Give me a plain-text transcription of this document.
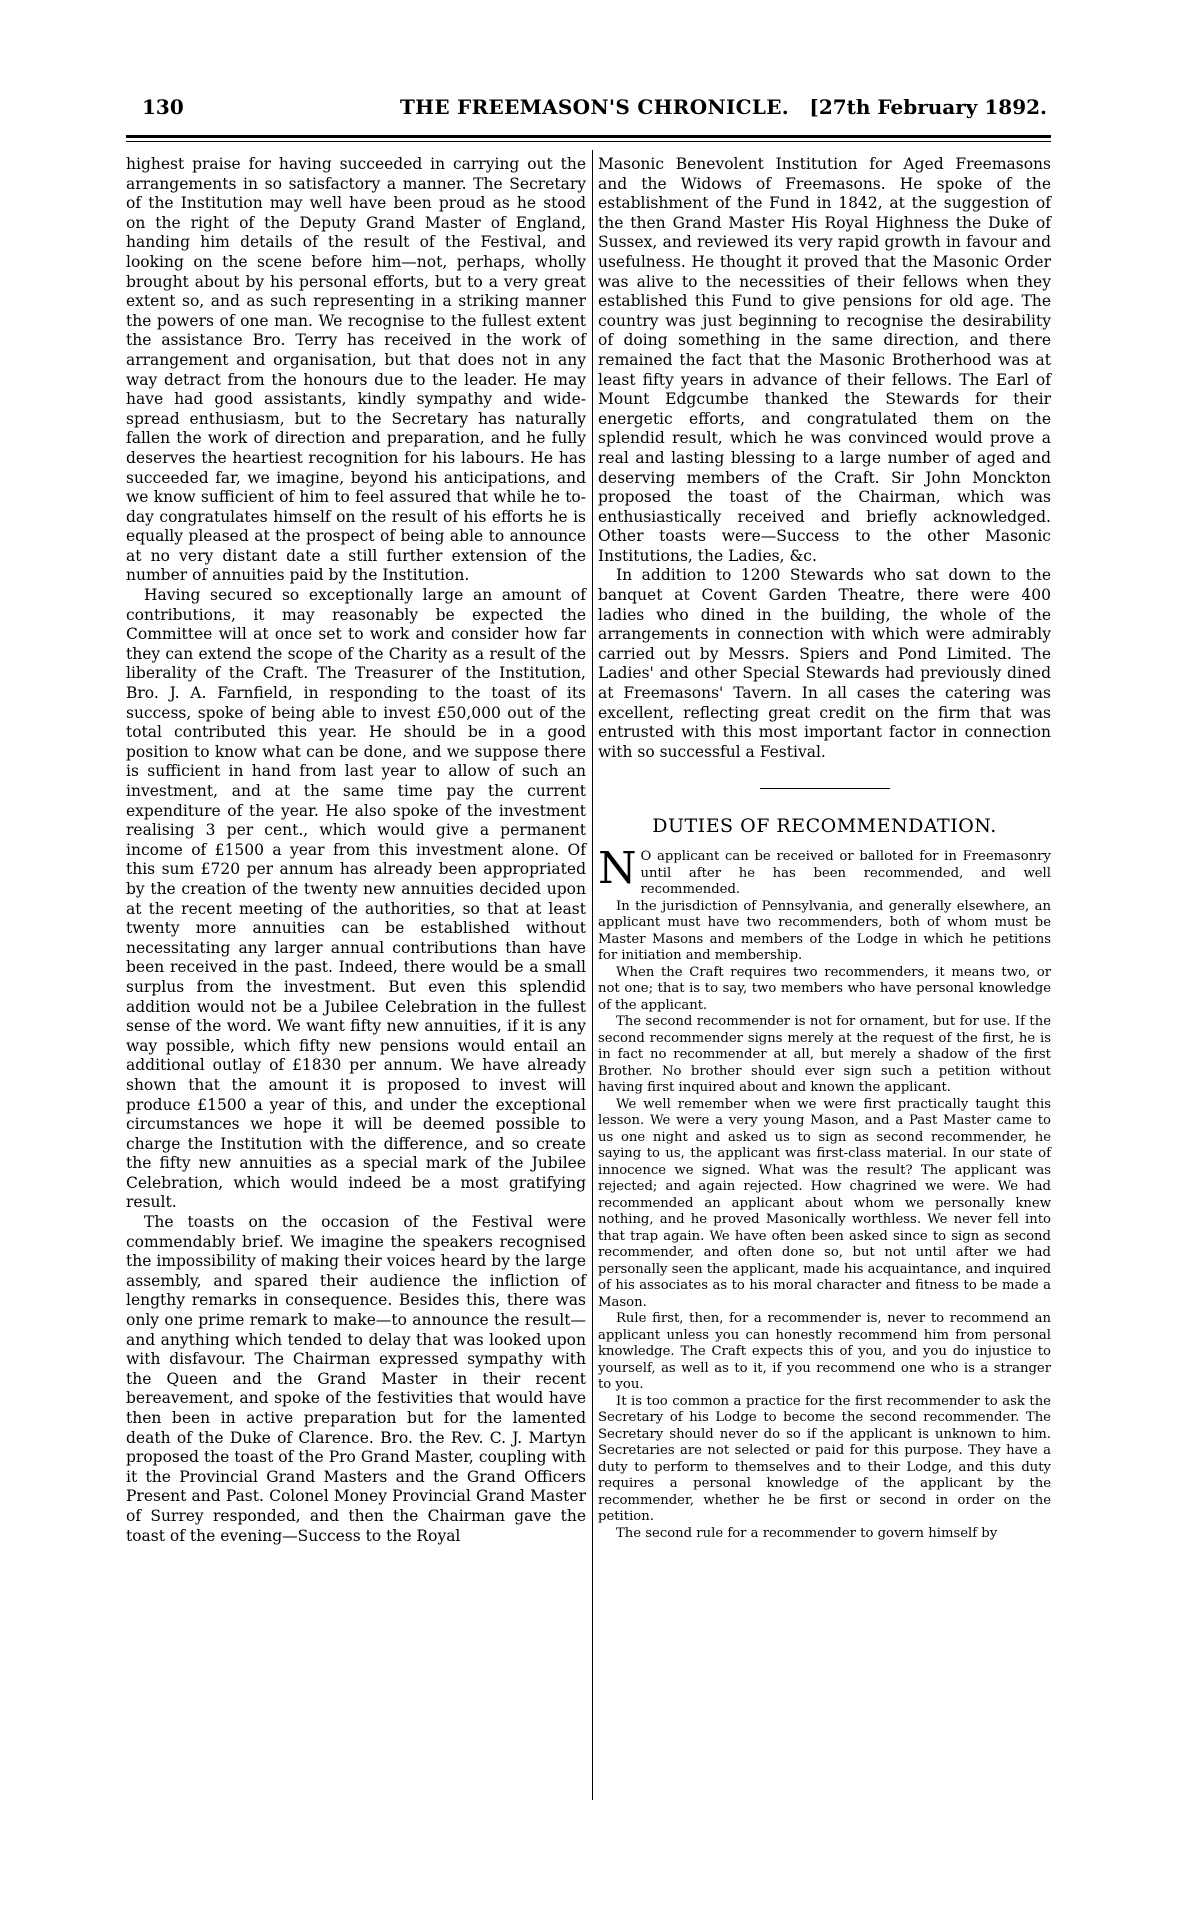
130	THE FREEMASON'S CHRONICLE.	[27th February 1892.

highest praise for having succeeded in carrying out the arrangements in so satisfactory a manner. The Secretary of the Institution may well have been proud as he stood on the right of the Deputy Grand Master of England, handing him details of the result of the Festival, and looking on the scene before him—not, perhaps, wholly brought about by his personal efforts, but to a very great extent so, and as such representing in a striking manner the powers of one man. We recognise to the fullest extent the assistance Bro. Terry has received in the work of arrangement and organisation, but that does not in any way detract from the honours due to the leader. He may have had good assistants, kindly sympathy and wide-spread enthusiasm, but to the Secretary has naturally fallen the work of direction and preparation, and he fully deserves the heartiest recognition for his labours. He has succeeded far, we imagine, beyond his anticipations, and we know sufficient of him to feel assured that while he to-day congratulates himself on the result of his efforts he is equally pleased at the prospect of being able to announce at no very distant date a still further extension of the number of annuities paid by the Institution.

Having secured so exceptionally large an amount of contributions, it may reasonably be expected the Committee will at once set to work and consider how far they can extend the scope of the Charity as a result of the liberality of the Craft. The Treasurer of the Institution, Bro. J. A. Farnfield, in responding to the toast of its success, spoke of being able to invest £50,000 out of the total contributed this year. He should be in a good position to know what can be done, and we suppose there is sufficient in hand from last year to allow of such an investment, and at the same time pay the current expenditure of the year. He also spoke of the investment realising 3 per cent., which would give a permanent income of £1500 a year from this investment alone. Of this sum £720 per annum has already been appropriated by the creation of the twenty new annuities decided upon at the recent meeting of the authorities, so that at least twenty more annuities can be established without necessitating any larger annual contributions than have been received in the past. Indeed, there would be a small surplus from the investment. But even this splendid addition would not be a Jubilee Celebration in the fullest sense of the word. We want fifty new annuities, if it is any way possible, which fifty new pensions would entail an additional outlay of £1830 per annum. We have already shown that the amount it is proposed to invest will produce £1500 a year of this, and under the exceptional circumstances we hope it will be deemed possible to charge the Institution with the difference, and so create the fifty new annuities as a special mark of the Jubilee Celebration, which would indeed be a most gratifying result.

The toasts on the occasion of the Festival were commendably brief. We imagine the speakers recognised the impossibility of making their voices heard by the large assembly, and spared their audience the infliction of lengthy remarks in consequence. Besides this, there was only one prime remark to make—to announce the result—and anything which tended to delay that was looked upon with disfavour. The Chairman expressed sympathy with the Queen and the Grand Master in their recent bereavement, and spoke of the festivities that would have then been in active preparation but for the lamented death of the Duke of Clarence. Bro. the Rev. C. J. Martyn proposed the toast of the Pro Grand Master, coupling with it the Provincial Grand Masters and the Grand Officers Present and Past. Colonel Money Provincial Grand Master of Surrey responded, and then the Chairman gave the toast of the evening—Success to the Royal

Masonic Benevolent Institution for Aged Freemasons and the Widows of Freemasons. He spoke of the establishment of the Fund in 1842, at the suggestion of the then Grand Master His Royal Highness the Duke of Sussex, and reviewed its very rapid growth in favour and usefulness. He thought it proved that the Masonic Order was alive to the necessities of their fellows when they established this Fund to give pensions for old age. The country was just beginning to recognise the desirability of doing something in the same direction, and there remained the fact that the Masonic Brotherhood was at least fifty years in advance of their fellows. The Earl of Mount Edgcumbe thanked the Stewards for their energetic efforts, and congratulated them on the splendid result, which he was convinced would prove a real and lasting blessing to a large number of aged and deserving members of the Craft. Sir John Monckton proposed the toast of the Chairman, which was enthusiastically received and briefly acknowledged. Other toasts were—Success to the other Masonic Institutions, the Ladies, &c.

In addition to 1200 Stewards who sat down to the banquet at Covent Garden Theatre, there were 400 ladies who dined in the building, the whole of the arrangements in connection with which were admirably carried out by Messrs. Spiers and Pond Limited. The Ladies' and other Special Stewards had previously dined at Freemasons' Tavern. In all cases the catering was excellent, reflecting great credit on the firm that was entrusted with this most important factor in connection with so successful a Festival.

DUTIES OF RECOMMENDATION.

NO applicant can be received or balloted for in Freemasonry until after he has been recommended, and well recommended.

In the jurisdiction of Pennsylvania, and generally elsewhere, an applicant must have two recommenders, both of whom must be Master Masons and members of the Lodge in which he petitions for initiation and membership.

When the Craft requires two recommenders, it means two, or not one; that is to say, two members who have personal knowledge of the applicant.

The second recommender is not for ornament, but for use. If the second recommender signs merely at the request of the first, he is in fact no recommender at all, but merely a shadow of the first Brother. No brother should ever sign such a petition without having first inquired about and known the applicant.

We well remember when we were first practically taught this lesson. We were a very young Mason, and a Past Master came to us one night and asked us to sign as second recommender, he saying to us, the applicant was first-class material. In our state of innocence we signed. What was the result? The applicant was rejected; and again rejected. How chagrined we were. We had recommended an applicant about whom we personally knew nothing, and he proved Masonically worthless. We never fell into that trap again. We have often been asked since to sign as second recommender, and often done so, but not until after we had personally seen the applicant, made his acquaintance, and inquired of his associates as to his moral character and fitness to be made a Mason.

Rule first, then, for a recommender is, never to recommend an applicant unless you can honestly recommend him from personal knowledge. The Craft expects this of you, and you do injustice to yourself, as well as to it, if you recommend one who is a stranger to you.

It is too common a practice for the first recommender to ask the Secretary of his Lodge to become the second recommender. The Secretary should never do so if the applicant is unknown to him. Secretaries are not selected or paid for this purpose. They have a duty to perform to themselves and to their Lodge, and this duty requires a personal knowledge of the applicant by the recommender, whether he be first or second in order on the petition.

The second rule for a recommender to govern himself by
